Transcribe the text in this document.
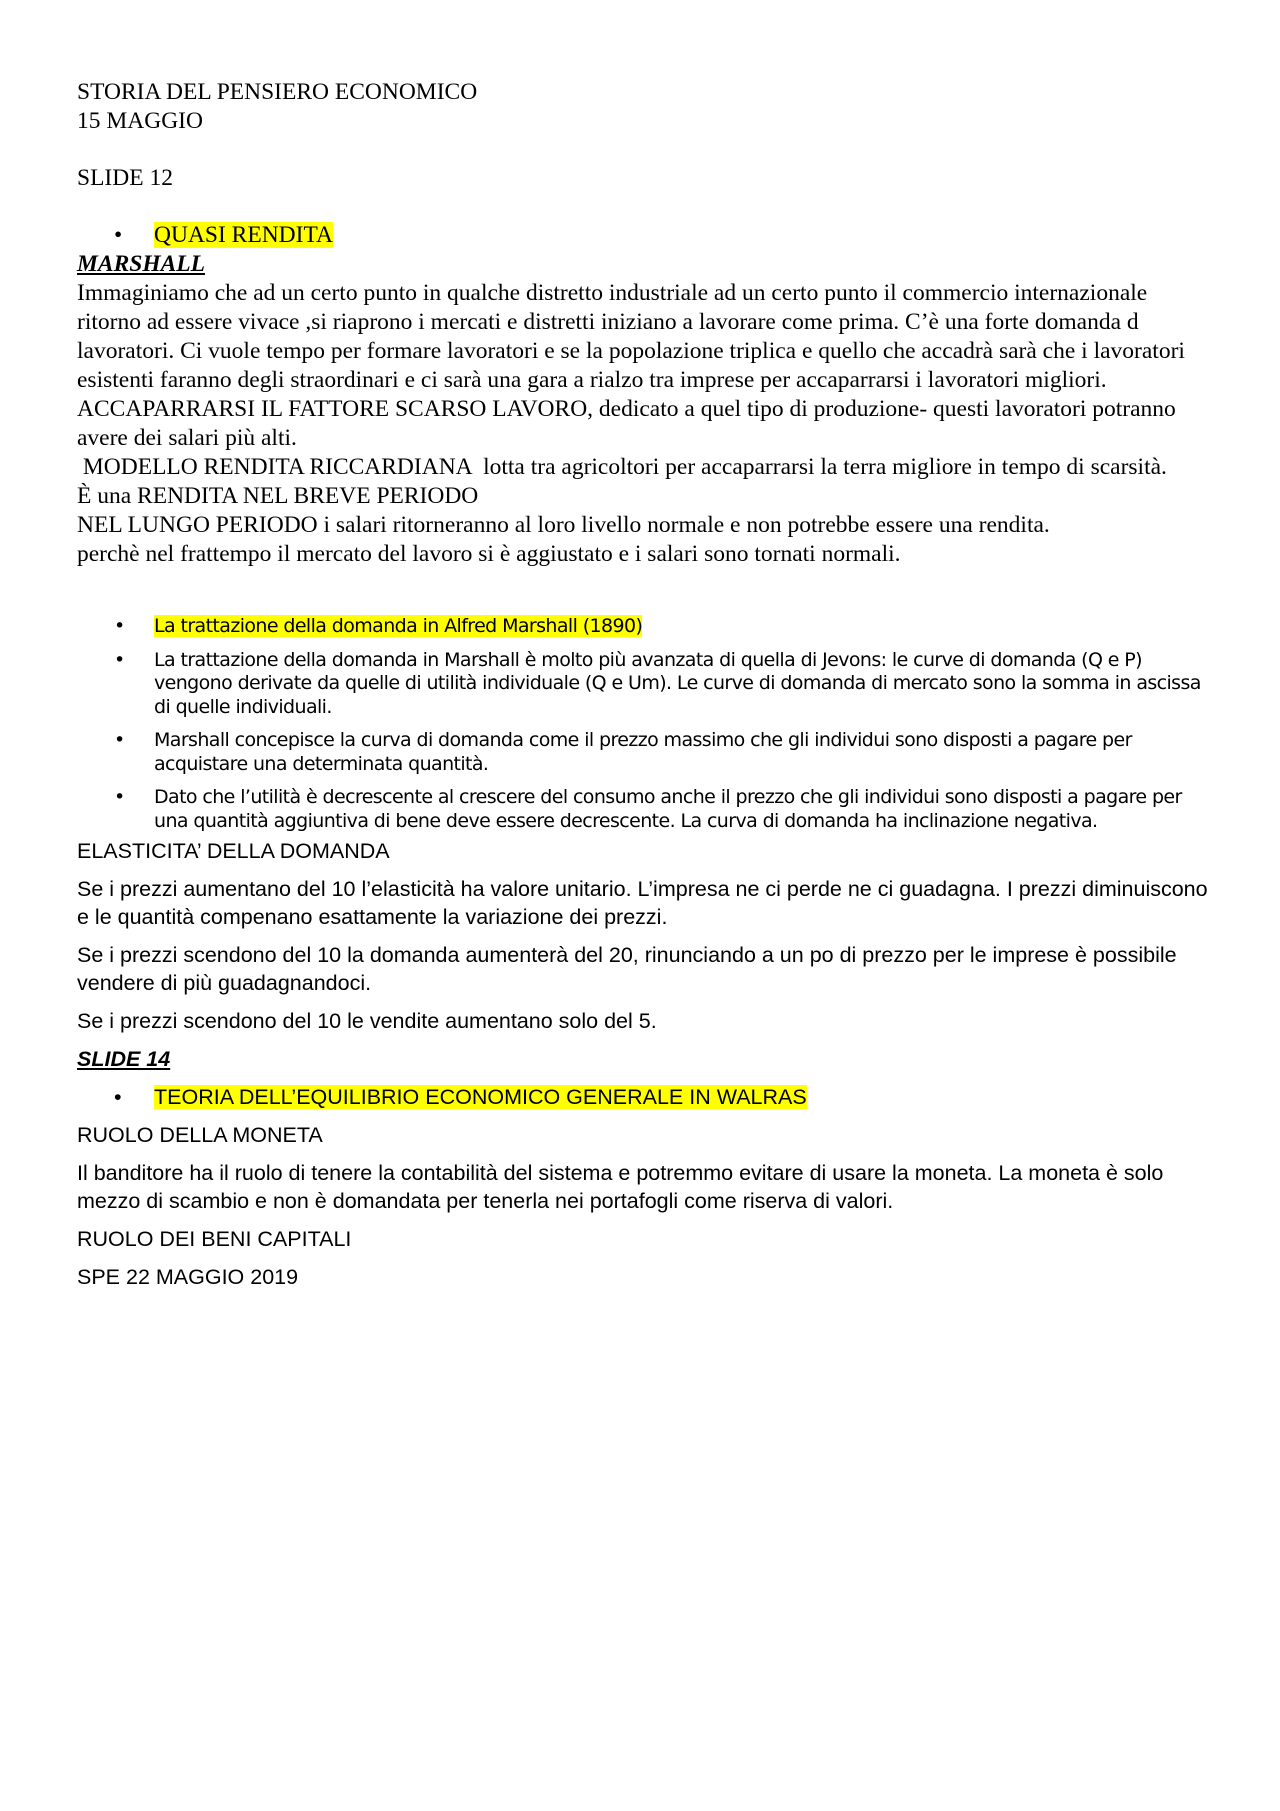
STORIA DEL PENSIERO ECONOMICO

15 MAGGIO

SLIDE 12

• QUASI RENDITA

MARSHALL

Immaginiamo che ad un certo punto in qualche distretto industriale ad un certo punto il commercio internazionale ritorno ad essere vivace ,si riaprono i mercati e distretti iniziano a lavorare come prima. C’è una forte domanda d lavoratori. Ci vuole tempo per formare lavoratori e se la popolazione triplica e quello che accadrà sarà che i lavoratori esistenti faranno degli straordinari e ci sarà una gara a rialzo tra imprese per accaparrarsi i lavoratori migliori. ACCAPARRARSI IL FATTORE SCARSO LAVORO, dedicato a quel tipo di produzione- questi lavoratori potranno avere dei salari più alti.

MODELLO RENDITA RICCARDIANA  lotta tra agricoltori per accaparrarsi la terra migliore in tempo di scarsità.

È una RENDITA NEL BREVE PERIODO

NEL LUNGO PERIODO i salari ritorneranno al loro livello normale e non potrebbe essere una rendita.

perchè nel frattempo il mercato del lavoro si è aggiustato e i salari sono tornati normali.

• La trattazione della domanda in Alfred Marshall (1890)
• La trattazione della domanda in Marshall è molto più avanzata di quella di Jevons: le curve di domanda (Q e P) vengono derivate da quelle di utilità individuale (Q e Um). Le curve di domanda di mercato sono la somma in ascissa di quelle individuali.
• Marshall concepisce la curva di domanda come il prezzo massimo che gli individui sono disposti a pagare per acquistare una determinata quantità.
• Dato che l’utilità è decrescente al crescere del consumo anche il prezzo che gli individui sono disposti a pagare per una quantità aggiuntiva di bene deve essere decrescente. La curva di domanda ha inclinazione negativa.

ELASTICITA’ DELLA DOMANDA

Se i prezzi aumentano del 10 l’elasticità ha valore unitario. L’impresa ne ci perde ne ci guadagna. I prezzi diminuiscono e le quantità compenano esattamente la variazione dei prezzi.

Se i prezzi scendono del 10 la domanda aumenterà del 20, rinunciando a un po di prezzo per le imprese è possibile vendere di più guadagnandoci.

Se i prezzi scendono del 10 le vendite aumentano solo del 5.

SLIDE 14

• TEORIA DELL’EQUILIBRIO ECONOMICO GENERALE IN WALRAS

RUOLO DELLA MONETA

Il banditore ha il ruolo di tenere la contabilità del sistema e potremmo evitare di usare la moneta. La moneta è solo mezzo di scambio e non è domandata per tenerla nei portafogli come riserva di valori.

RUOLO DEI BENI CAPITALI

SPE 22 MAGGIO 2019
